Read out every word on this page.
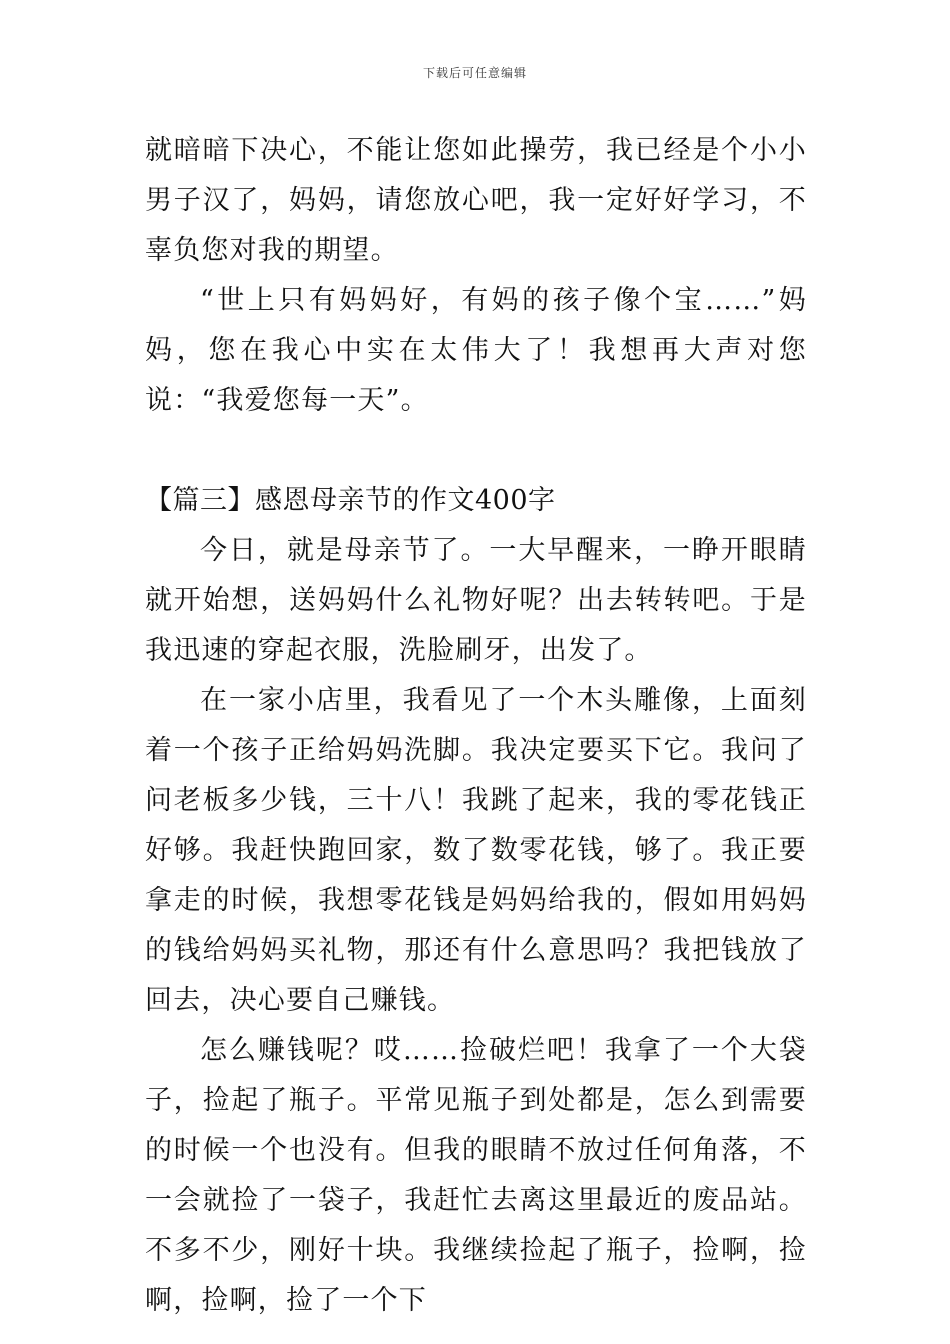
下载后可任意编辑

就暗暗下决心，不能让您如此操劳，我已经是个小小男子汉了，妈妈，请您放心吧，我一定好好学习，不辜负您对我的期望。

“世上只有妈妈好，有妈的孩子像个宝……”妈妈，您在我心中实在太伟大了！我想再大声对您说：“我爱您每一天”。

【篇三】感恩母亲节的作文400字

今日，就是母亲节了。一大早醒来，一睁开眼睛就开始想，送妈妈什么礼物好呢？出去转转吧。于是我迅速的穿起衣服，洗脸刷牙，出发了。

在一家小店里，我看见了一个木头雕像，上面刻着一个孩子正给妈妈洗脚。我决定要买下它。我问了问老板多少钱，三十八！我跳了起来，我的零花钱正好够。我赶快跑回家，数了数零花钱，够了。我正要拿走的时候，我想零花钱是妈妈给我的，假如用妈妈的钱给妈妈买礼物，那还有什么意思吗？我把钱放了回去，决心要自己赚钱。

怎么赚钱呢？哎……捡破烂吧！我拿了一个大袋子，捡起了瓶子。平常见瓶子到处都是，怎么到需要的时候一个也没有。但我的眼睛不放过任何角落，不一会就捡了一袋子，我赶忙去离这里最近的废品站。不多不少，刚好十块。我继续捡起了瓶子，捡啊，捡啊，捡啊，捡了一个下
